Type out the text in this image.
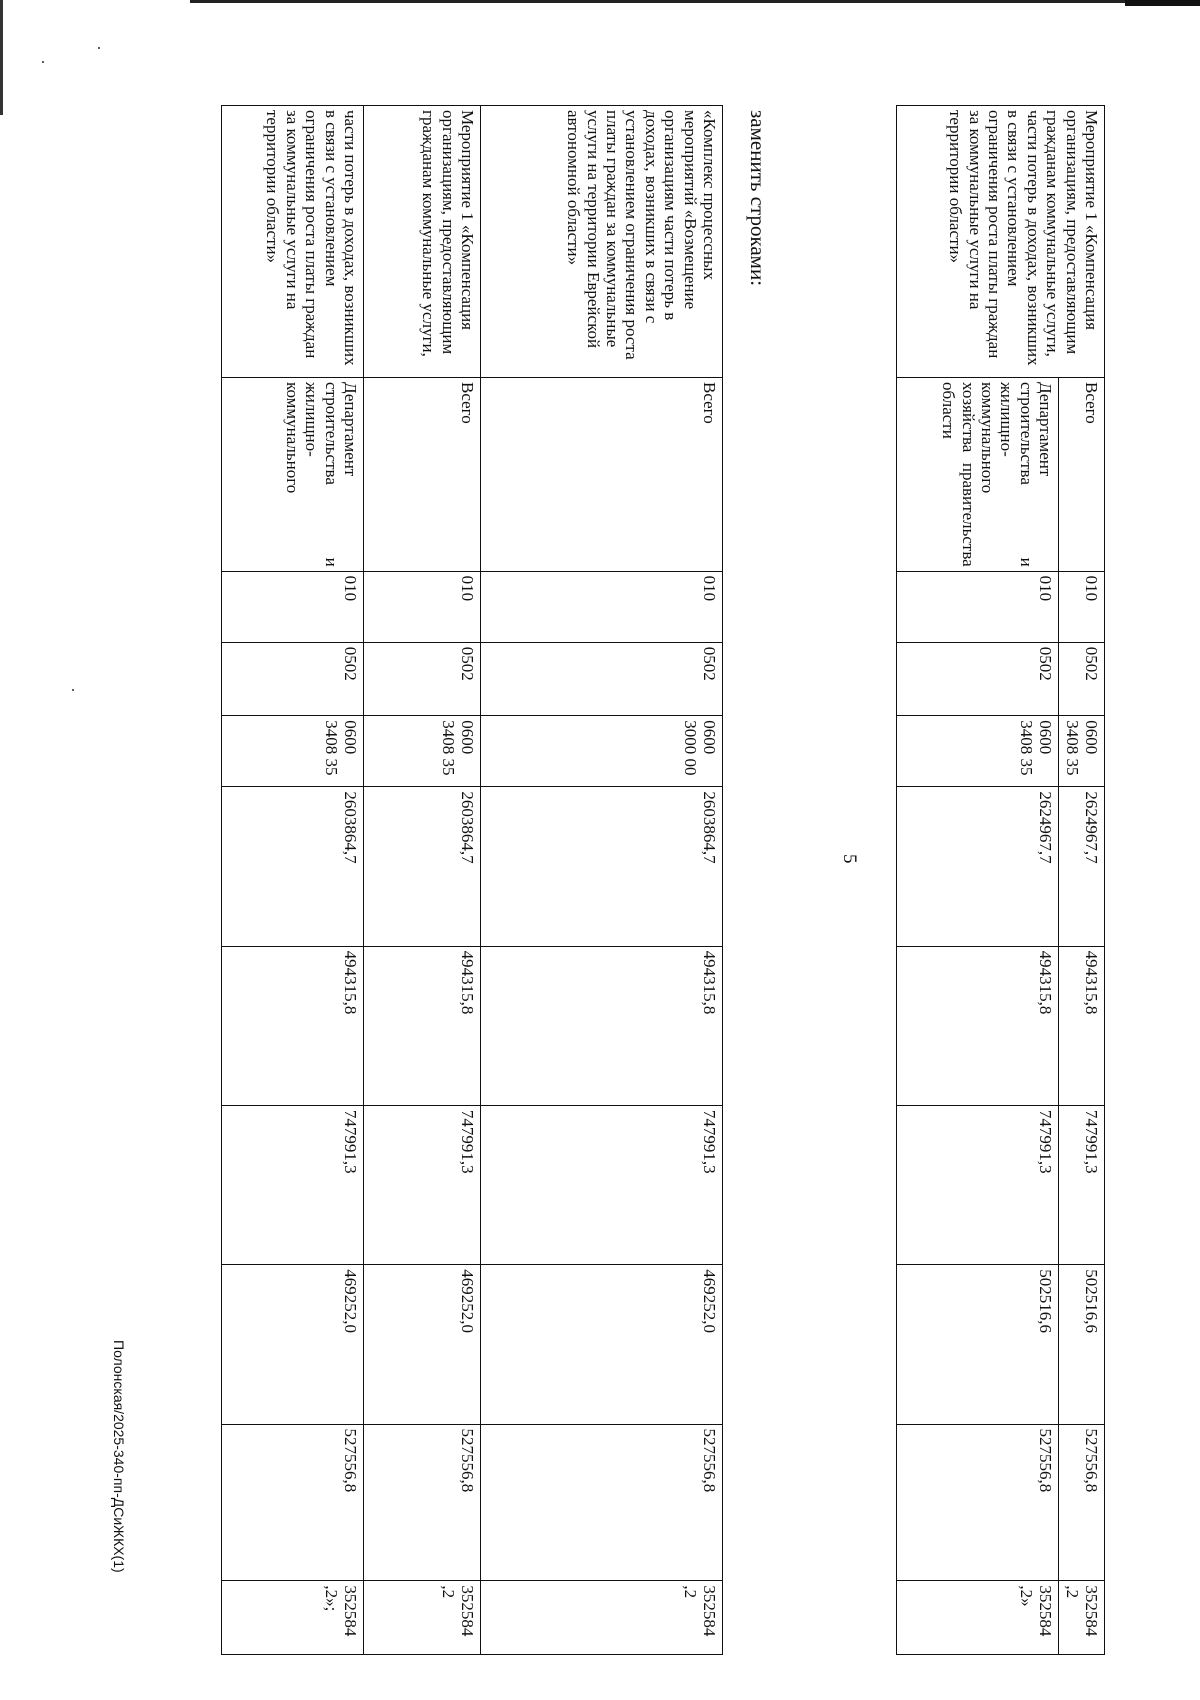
·
·
·
5
Мероприятие 1 «Компенсация организациям, предоставляющим гражданам коммунальные услуги, части потерь в доходах, возникших в связи с установлением ограничения роста платы граждан за коммунальные услуги на территории области»	Всего	010	0502	0600 3408 35	2624967,7	494315,8	747991,3	502516,6	527556,8	352584 ,2
	Департамент строительства и жилищно-коммунального хозяйства правительства области	010	0502	0600 3408 35	2624967,7	494315,8	747991,3	502516,6	527556,8	352584 ,2»
заменить строками:
«Комплекс процессных мероприятий «Возмещение организациям части потерь в доходах, возникших в связи с установлением ограничения роста платы граждан за коммунальные услуги на территории Еврейской автономной области»	Всего	010	0502	0600 3000 00	2603864,7	494315,8	747991,3	469252,0	527556,8	352584 ,2
Мероприятие 1 «Компенсация организациям, предоставляющим гражданам коммунальные услуги,	Всего	010	0502	0600 3408 35	2603864,7	494315,8	747991,3	469252,0	527556,8	352584 ,2
части потерь в доходах, возникших в связи с установлением ограничения роста платы граждан за коммунальные услуги на территории области»	Департамент строительства и жилищно-коммунального	010	0502	0600 3408 35	2603864,7	494315,8	747991,3	469252,0	527556,8	352584 ,2»;
Полонская/2025-340-пп-ДСиЖКХ(1)
